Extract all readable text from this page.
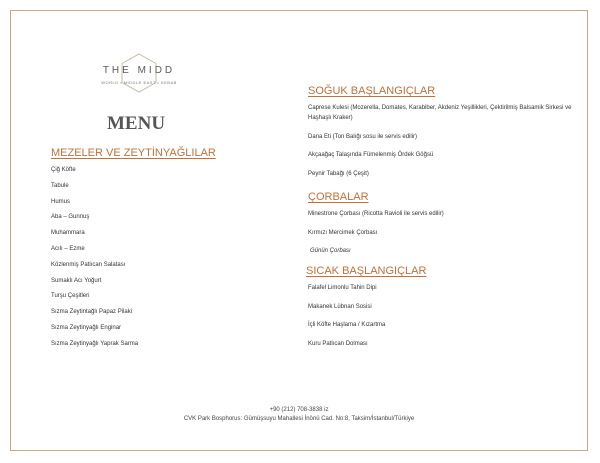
THE MIDD
WORLD • MIDDLE EAST • KEBAB
MENU
MEZELER VE ZEYTİNYAĞLILAR
Çiğ Köfte
Tabule
Humus
Aba – Gunnuş
Muhammara
Acılı – Ezme
Közlenmiş Patlıcan Salatası
Sumaklı Acı Yoğurt
Turşu Çeşitleri
Sızma Zeytintağlı Papaz Pilaki
Sızma Zeytinyağlı Enginar
Sızma Zeytinyağlı Yaprak Sarma
SOĞUK BAŞLANGIÇLAR
Caprese Kulesi (Mozerella, Domates, Karabiber, Akdeniz Yeşillikleri, Çektirilmiş Balsamik Sirkesi ve Haşhaşlı Kraker)
Dana Eti (Ton Balığı sosu ile servis edilir)
Akçaağaç Talaşında Fümelenmiş Ördek Göğsü
Peynir Tabağı (6 Çeşit)
ÇORBALAR
Minestrone Çorbası (Ricotta Ravioli ile servis edilir)
Kırmızı Mercimek Çorbası
Günün Çorbası
SICAK BAŞLANGIÇLAR
Falafel Limonlu Tahin Dipi
Makanek Lübnan Sosisi
İçli Köfte Haşlama / Kızartma
Kuru Patlıcan Dolması
+90 (212) 708-3838 iz
CVK Park Bosphorus: Gümüşsuyu Mahallesi İnönü Cad. No:8, Taksim/İstanbul/Türkiye
